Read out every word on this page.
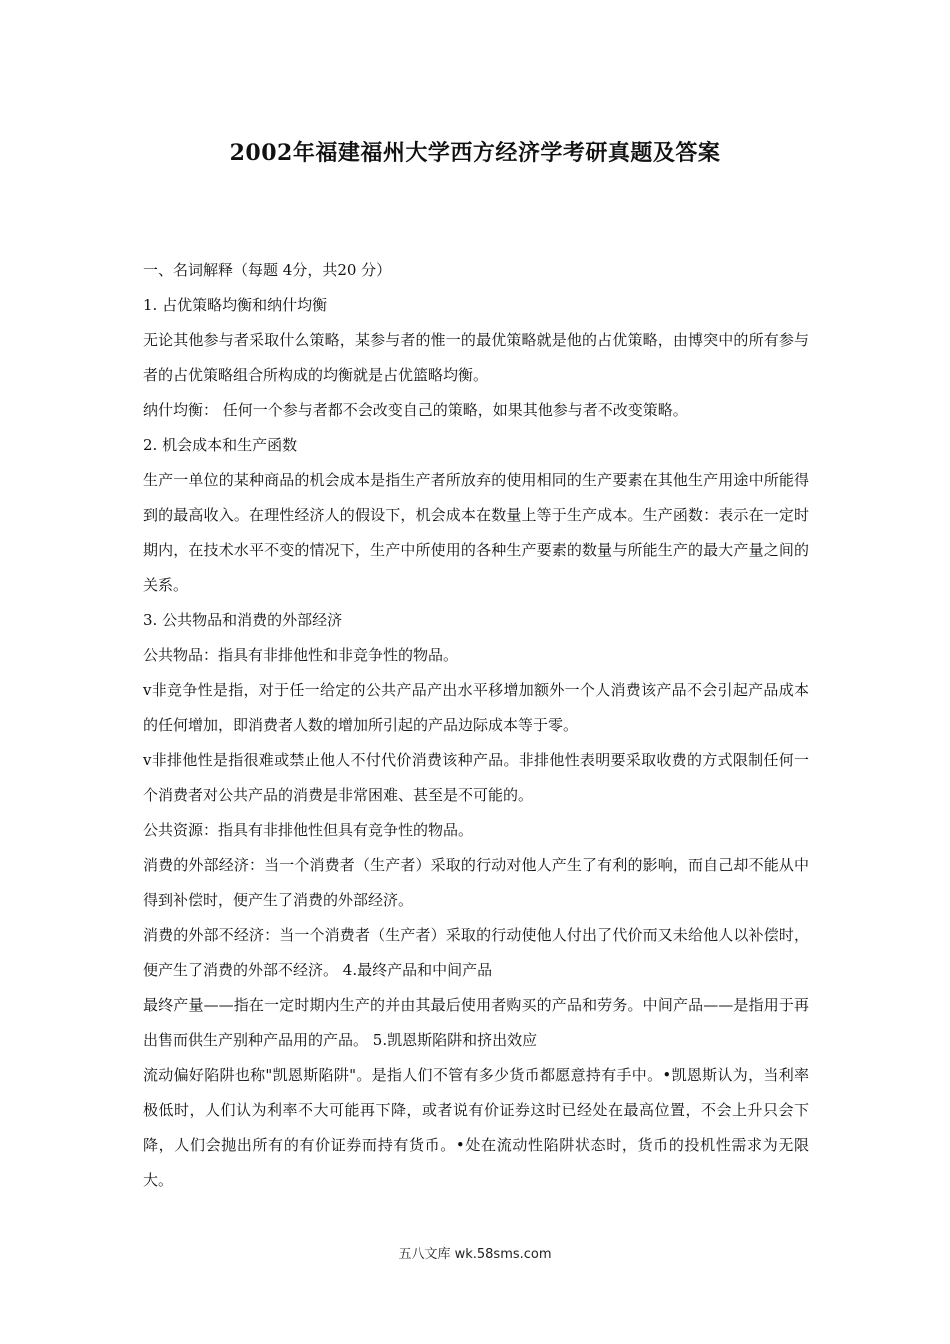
2002年福建福州大学西方经济学考研真题及答案

一、名词解释（每题 4分，共20 分）

1. 占优策略均衡和纳什均衡

无论其他参与者采取什么策略，某参与者的惟一的最优策略就是他的占优策略，由博突中的所有参与者的占优策略组合所构成的均衡就是占优篮略均衡。

纳什均衡： 任何一个参与者都不会改变自己的策略，如果其他参与者不改变策略。

2. 机会成本和生产函数

生产一单位的某种商品的机会成本是指生产者所放弃的使用相同的生产要素在其他生产用途中所能得到的最高收入。在理性经济人的假设下，机会成本在数量上等于生产成本。生产函数：表示在一定时期内，在技术水平不变的情况下，生产中所使用的各种生产要素的数量与所能生产的最大产量之间的关系。

3. 公共物品和消费的外部经济

公共物品：指具有非排他性和非竞争性的物品。

v非竞争性是指，对于任一给定的公共产品产出水平移增加额外一个人消费该产品不会引起产品成本的任何增加，即消费者人数的增加所引起的产品边际成本等于零。

v非排他性是指很难或禁止他人不付代价消费该种产品。非排他性表明要采取收费的方式限制任何一个消费者对公共产品的消费是非常困难、甚至是不可能的。

公共资源：指具有非排他性但具有竞争性的物品。

消费的外部经济：当一个消费者（生产者）采取的行动对他人产生了有利的影响，而自己却不能从中得到补偿时，便产生了消费的外部经济。

消费的外部不经济：当一个消费者（生产者）采取的行动使他人付出了代价而又未给他人以补偿时，便产生了消费的外部不经济。 4.最终产品和中间产品

最终产量——指在一定时期内生产的并由其最后使用者购买的产品和劳务。中间产品——是指用于再出售而供生产别种产品用的产品。 5.凯恩斯陷阱和挤出效应

流动偏好陷阱也称"凯恩斯陷阱"。是指人们不管有多少货币都愿意持有手中。•凯恩斯认为，当利率极低时，人们认为利率不大可能再下降，或者说有价证券这时已经处在最高位置，不会上升只会下降，人们会抛出所有的有价证券而持有货币。•处在流动性陷阱状态时，货币的投机性需求为无限大。

五八文库 wk.58sms.com
